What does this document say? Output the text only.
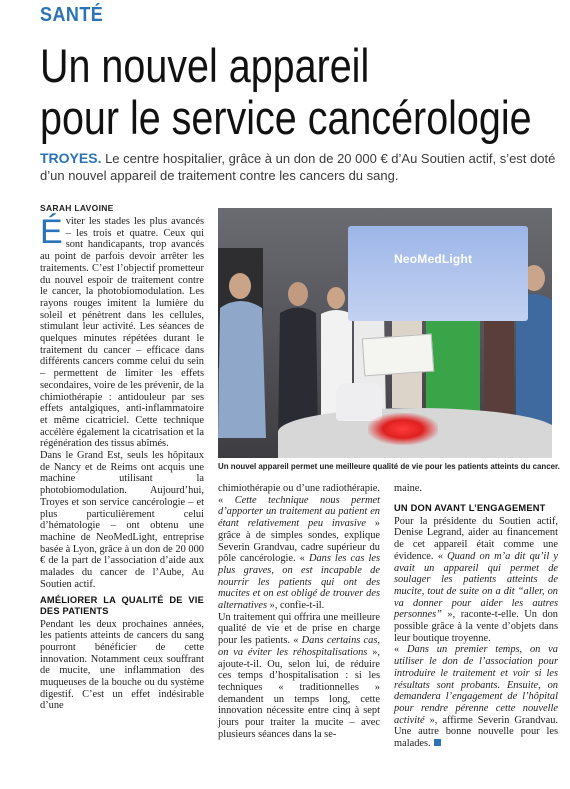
SANTÉ
Un nouvel appareil
pour le service cancérologie
TROYES. Le centre hospitalier, grâce à un don de 20 000 € d’Au Soutien actif, s’est doté d’un nouvel appareil de traitement contre les cancers du sang.
SARAH LAVOINE
NeoMedLight
Un nouvel appareil permet une meilleure qualité de vie pour les patients atteints du cancer.

Éviter les stades les plus avancés – les trois et quatre. Ceux qui sont handicapants, trop avancés au point de parfois devoir arrêter les traitements. C’est l’objectif prometteur du nouvel espoir de traitement contre le cancer, la photobiomodulation. Les rayons rouges imitent la lumière du soleil et pénètrent dans les cellules, stimulant leur activité. Les séances de quelques minutes répétées durant le traitement du cancer – efficace dans différents cancers comme celui du sein – permettent de limiter les effets secondaires, voire de les prévenir, de la chimiothérapie : antidouleur par ses effets antalgiques, anti-inflammatoire et même cicatriciel. Cette technique accélère également la cicatrisation et la régénération des tissus abîmés.

Dans le Grand Est, seuls les hôpitaux de Nancy et de Reims ont acquis une machine utilisant la photobiomodulation. Aujourd’hui, Troyes et son service cancérologie – et plus particulièrement celui d’hématologie – ont obtenu une machine de NeoMedLight, entreprise basée à Lyon, grâce à un don de 20 000 € de la part de l’association d’aide aux malades du cancer de l’Aube, Au Soutien actif.

AMÉLIORER LA QUALITÉ DE VIE DES PATIENTS

Pendant les deux prochaines années, les patients atteints de cancers du sang pourront bénéficier de cette innovation. Notamment ceux souffrant de mucite, une inflammation des muqueuses de la bouche ou du système digestif. C’est un effet indésirable d’une

chimiothérapie ou d’une radiothérapie. « Cette technique nous permet d’apporter un traitement au patient en étant relativement peu invasive » grâce à de simples sondes, explique Severin Grandvau, cadre supérieur du pôle cancérologie. « Dans les cas les plus graves, on est incapable de nourrir les patients qui ont des mucites et on est obligé de trouver des alternatives », confie-t-il.

Un traitement qui offrira une meilleure qualité de vie et de prise en charge pour les patients. « Dans certains cas, on va éviter les réhospitalisations », ajoute-t-il. Ou, selon lui, de réduire ces temps d’hospitalisation : si les techniques « traditionnelles » demandent un temps long, cette innovation nécessite entre cinq à sept jours pour traiter la mucite – avec plusieurs séances dans la se-

maine.

UN DON AVANT L’ENGAGEMENT

Pour la présidente du Soutien actif, Denise Legrand, aider au financement de cet appareil était comme une évidence. « Quand on m’a dit qu’il y avait un appareil qui permet de soulager les patients atteints de mucite, tout de suite on a dit “aller, on va donner pour aider les autres personnes” », raconte-t-elle. Un don possible grâce à la vente d’objets dans leur boutique troyenne.

« Dans un premier temps, on va utiliser le don de l’association pour introduire le traitement et voir si les résultats sont probants. Ensuite, on demandera l’engagement de l’hôpital pour rendre pérenne cette nouvelle activité », affirme Severin Grandvau. Une autre bonne nouvelle pour les malades.
